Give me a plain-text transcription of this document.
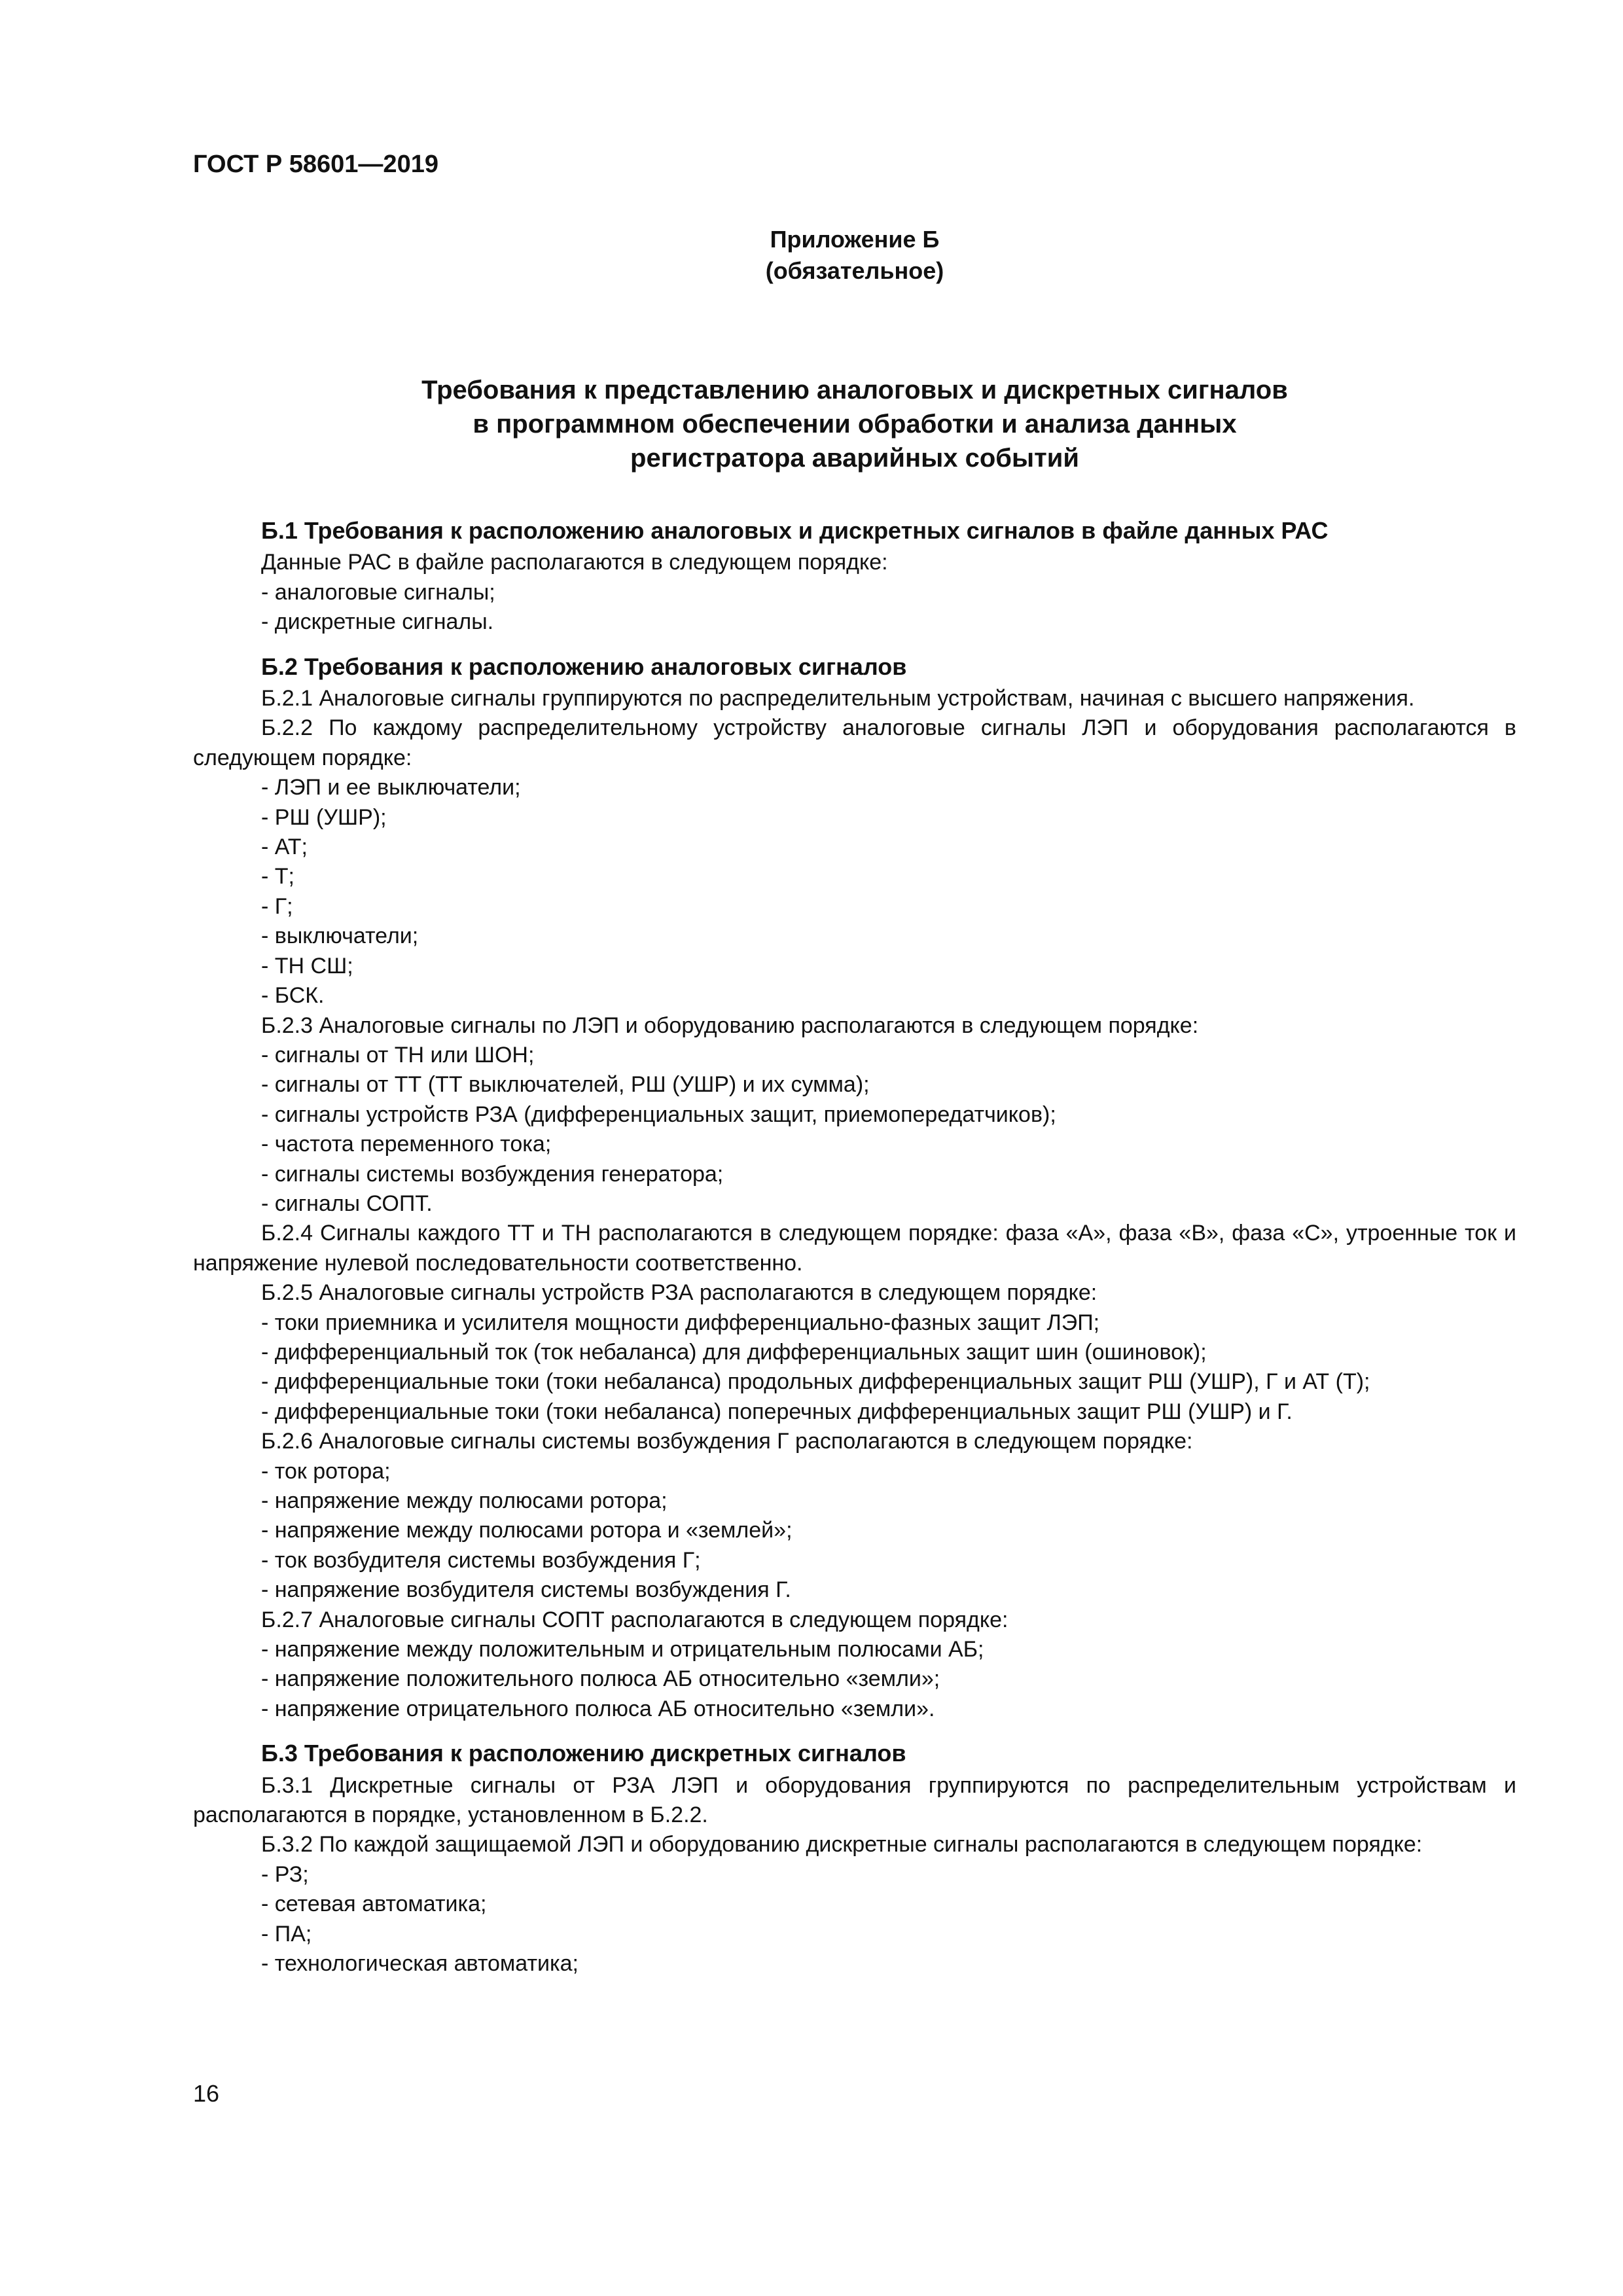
ГОСТ Р 58601—2019
Приложение Б
(обязательное)
Требования к представлению аналоговых и дискретных сигналов
в программном обеспечении обработки и анализа данных
регистратора аварийных событий
Б.1 Требования к расположению аналоговых и дискретных сигналов в файле данных РАС

Данные РАС в файле располагаются в следующем порядке:

- аналоговые сигналы;

- дискретные сигналы.

Б.2 Требования к расположению аналоговых сигналов

Б.2.1 Аналоговые сигналы группируются по распределительным устройствам, начиная с высшего напряжения.

Б.2.2 По каждому распределительному устройству аналоговые сигналы ЛЭП и оборудования располагаются в следующем порядке:

- ЛЭП и ее выключатели;

- РШ (УШР);

- АТ;

- Т;

- Г;

- выключатели;

- ТН СШ;

- БСК.

Б.2.3 Аналоговые сигналы по ЛЭП и оборудованию располагаются в следующем порядке:

- сигналы от ТН или ШОН;

- сигналы от ТТ (ТТ выключателей, РШ (УШР) и их сумма);

- сигналы устройств РЗА (дифференциальных защит, приемопередатчиков);

- частота переменного тока;

- сигналы системы возбуждения генератора;

- сигналы СОПТ.

Б.2.4 Сигналы каждого ТТ и ТН располагаются в следующем порядке: фаза «А», фаза «В», фаза «С», утроенные ток и напряжение нулевой последовательности соответственно.

Б.2.5 Аналоговые сигналы устройств РЗА располагаются в следующем порядке:

- токи приемника и усилителя мощности дифференциально-фазных защит ЛЭП;

- дифференциальный ток (ток небаланса) для дифференциальных защит шин (ошиновок);

- дифференциальные токи (токи небаланса) продольных дифференциальных защит РШ (УШР), Г и АТ (Т);

- дифференциальные токи (токи небаланса) поперечных дифференциальных защит РШ (УШР) и Г.

Б.2.6 Аналоговые сигналы системы возбуждения Г располагаются в следующем порядке:

- ток ротора;

- напряжение между полюсами ротора;

- напряжение между полюсами ротора и «землей»;

- ток возбудителя системы возбуждения Г;

- напряжение возбудителя системы возбуждения Г.

Б.2.7 Аналоговые сигналы СОПТ располагаются в следующем порядке:

- напряжение между положительным и отрицательным полюсами АБ;

- напряжение положительного полюса АБ относительно «земли»;

- напряжение отрицательного полюса АБ относительно «земли».

Б.3 Требования к расположению дискретных сигналов

Б.3.1 Дискретные сигналы от РЗА ЛЭП и оборудования группируются по распределительным устройствам и располагаются в порядке, установленном в Б.2.2.

Б.3.2 По каждой защищаемой ЛЭП и оборудованию дискретные сигналы располагаются в следующем порядке:

- РЗ;

- сетевая автоматика;

- ПА;

- технологическая автоматика;

16
